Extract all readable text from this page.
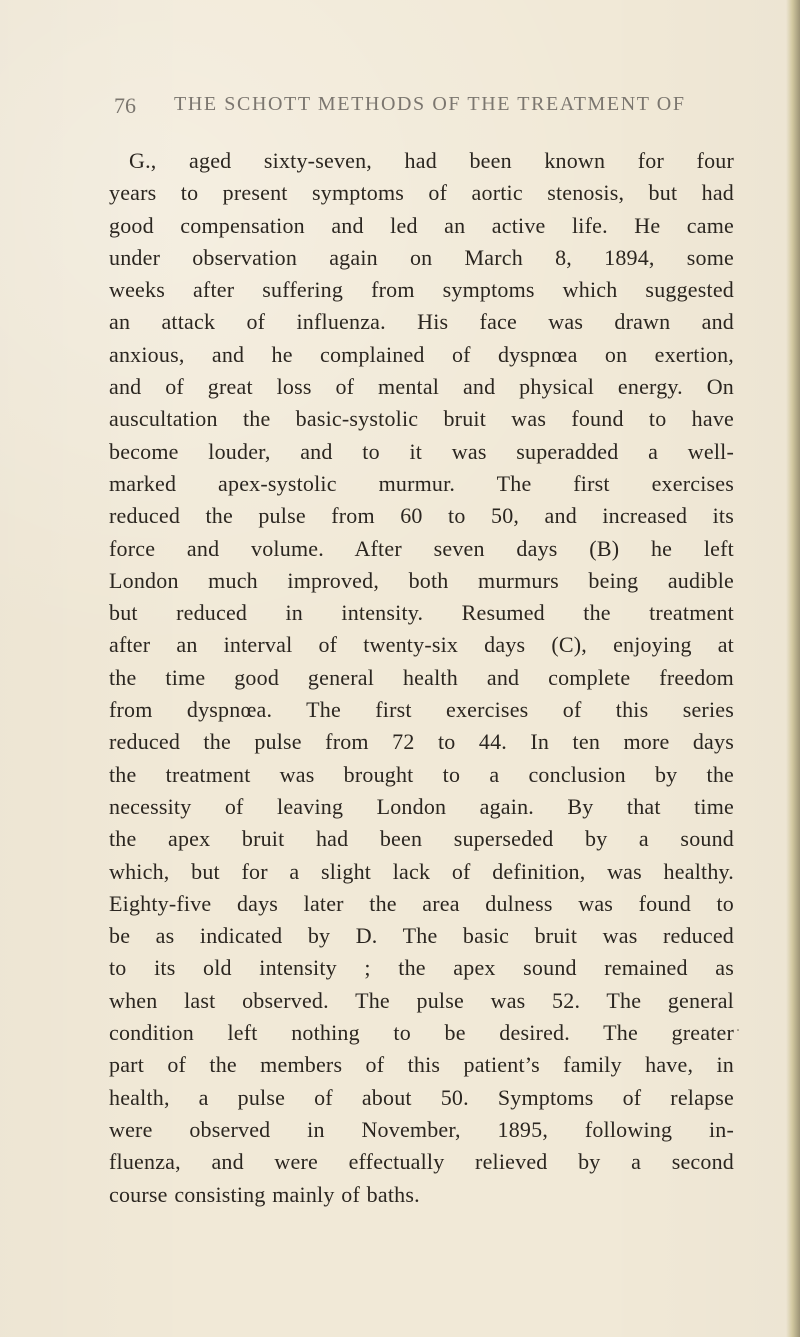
76 THE SCHOTT METHODS OF THE TREATMENT OF
G., aged sixty-seven, had been known for four
years to present symptoms of aortic stenosis, but had
good compensation and led an active life. He came
under observation again on March 8, 1894, some
weeks after suffering from symptoms which suggested
an attack of influenza. His face was drawn and
anxious, and he complained of dyspnœa on exertion,
and of great loss of mental and physical energy. On
auscultation the basic-systolic bruit was found to have
become louder, and to it was superadded a well-
marked apex-systolic murmur. The first exercises
reduced the pulse from 60 to 50, and increased its
force and volume. After seven days (B) he left
London much improved, both murmurs being audible
but reduced in intensity. Resumed the treatment
after an interval of twenty-six days (C), enjoying at
the time good general health and complete freedom
from dyspnœa. The first exercises of this series
reduced the pulse from 72 to 44. In ten more days
the treatment was brought to a conclusion by the
necessity of leaving London again. By that time
the apex bruit had been superseded by a sound
which, but for a slight lack of definition, was healthy.
Eighty-five days later the area dulness was found to
be as indicated by D. The basic bruit was reduced
to its old intensity ; the apex sound remained as
when last observed. The pulse was 52. The general
condition left nothing to be desired. The greater
part of the members of this patient’s family have, in
health, a pulse of about 50. Symptoms of relapse
were observed in November, 1895, following in-
fluenza, and were effectually relieved by a second
course consisting mainly of baths.
.
